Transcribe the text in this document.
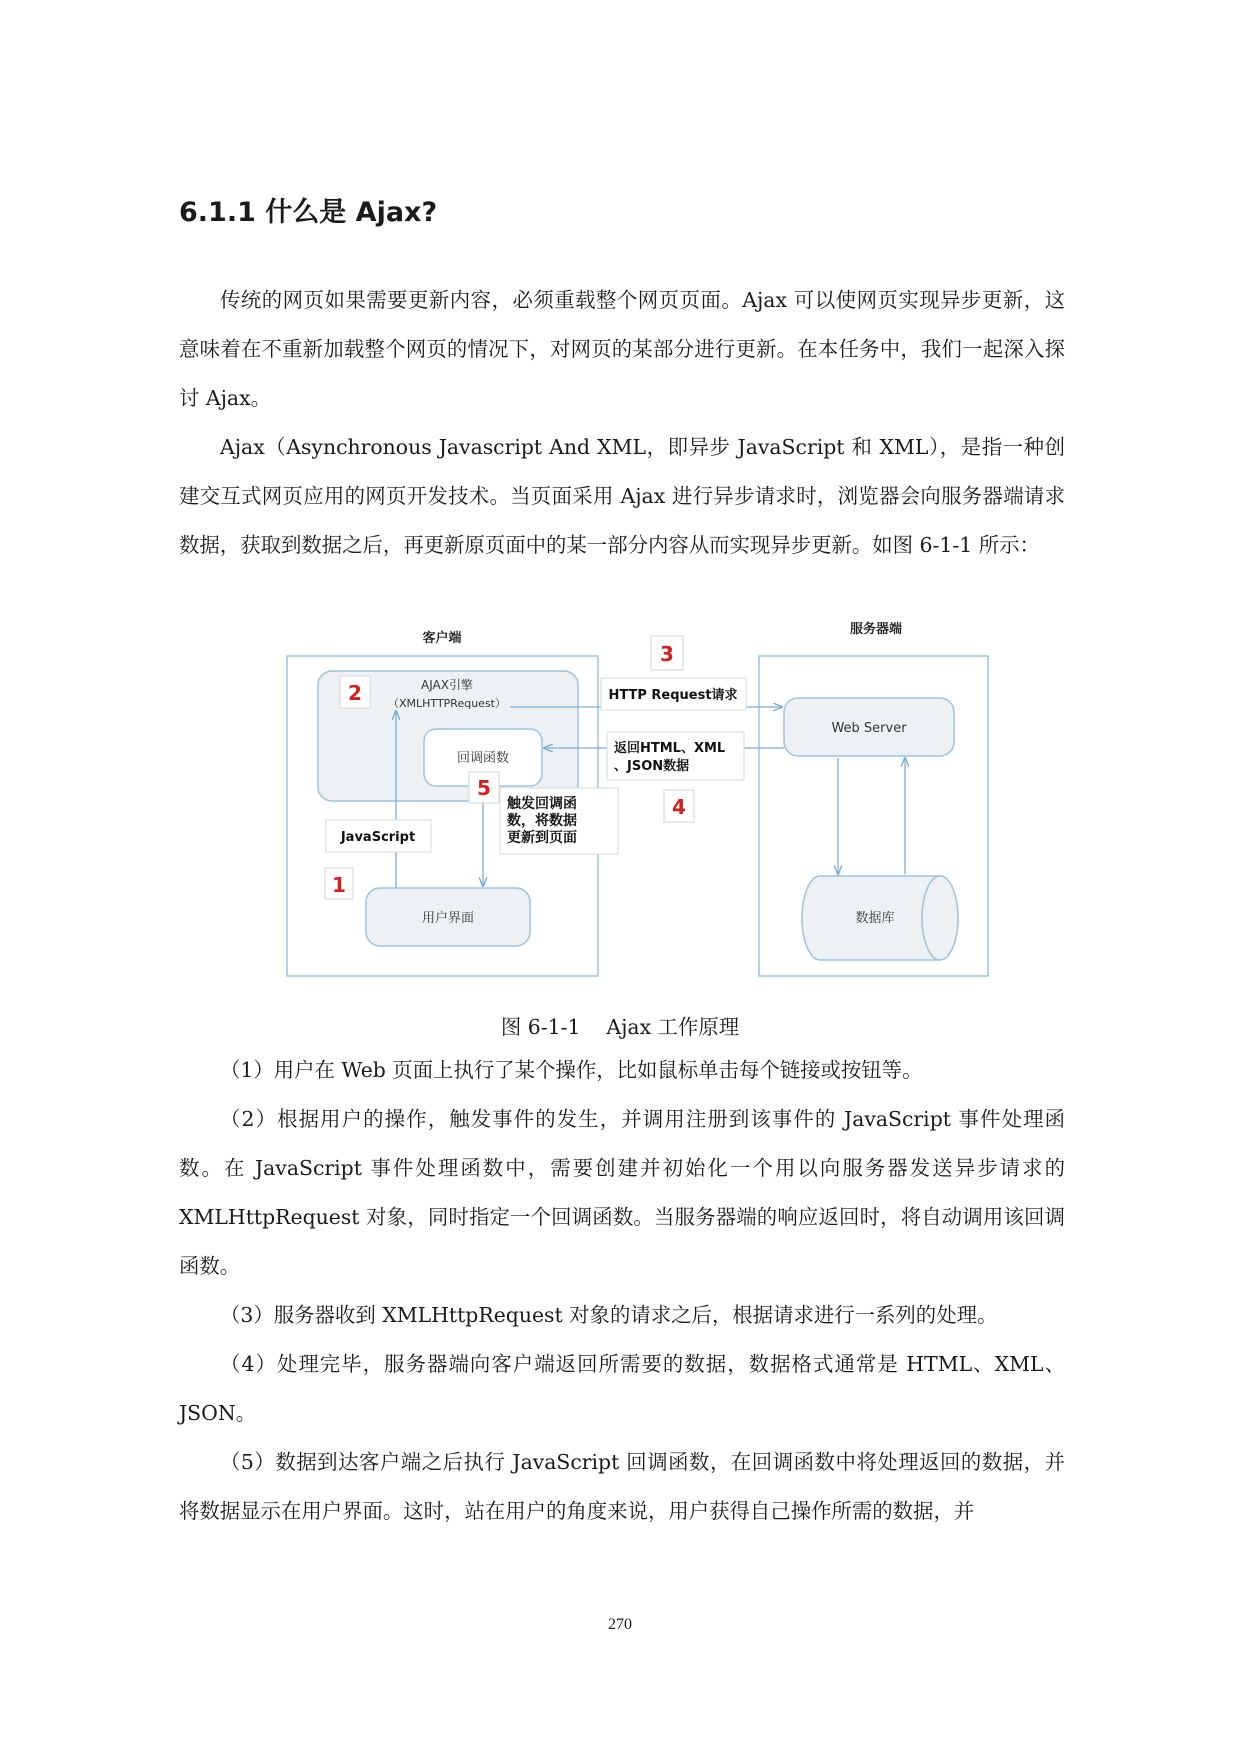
6.1.1 什么是 Ajax?

传统的网页如果需要更新内容，必须重载整个网页页面。Ajax 可以使网页实现异步更新，这意味着在不重新加载整个网页的情况下，对网页的某部分进行更新。在本任务中，我们一起深入探讨 Ajax。

Ajax（Asynchronous Javascript And XML，即异步 JavaScript 和 XML），是指一种创建交互式网页应用的网页开发技术。当页面采用 Ajax 进行异步请求时，浏览器会向服务器端请求数据，获取到数据之后，再更新原页面中的某一部分内容从而实现异步更新。如图 6-1-1 所示：

客户端
服务器端
AJAX引擎
（XMLHTTPRequest）
回调函数
用户界面
Web Server
数据库
JavaScript
HTTP Request请求
返回HTML、XML
、JSON数据
触发回调函
数，将数据
更新到页面
1
2
3
4
5
图 6-1-1    Ajax 工作原理

（1）用户在 Web 页面上执行了某个操作，比如鼠标单击每个链接或按钮等。

（2）根据用户的操作，触发事件的发生，并调用注册到该事件的 JavaScript 事件处理函数。在 JavaScript 事件处理函数中，需要创建并初始化一个用以向服务器发送异步请求的 XMLHttpRequest 对象，同时指定一个回调函数。当服务器端的响应返回时，将自动调用该回调函数。

（3）服务器收到 XMLHttpRequest 对象的请求之后，根据请求进行一系列的处理。

（4）处理完毕，服务器端向客户端返回所需要的数据，数据格式通常是 HTML、XML、JSON。

（5）数据到达客户端之后执行 JavaScript 回调函数，在回调函数中将处理返回的数据，并将数据显示在用户界面。这时，站在用户的角度来说，用户获得自己操作所需的数据，并

270
